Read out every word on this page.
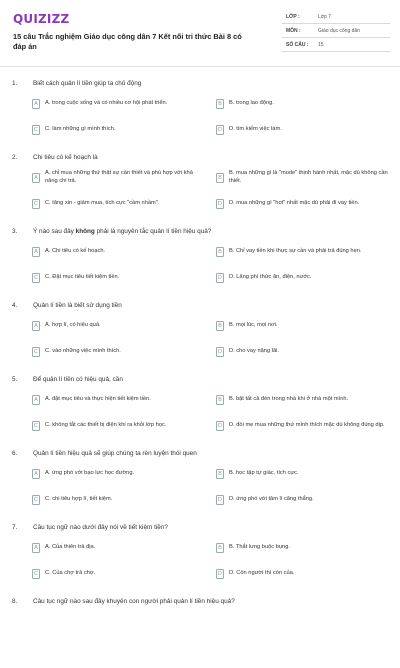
QUIZIZZ
15 câu Trắc nghiệm Giáo dục công dân 7 Kết nối tri thức Bài 8 có đáp án
LỚP :	Lớp 7
MÔN :	Giáo dục công dân
SỐ CÂU :	15
1. Biết cách quản lí tiền giúp ta chủ động
A	A. trong cuộc sống và có nhiều cơ hội phát triển.	B	B. trong lao động.
C	C. làm những gì mình thích.	D	D. tìm kiếm việc làm.
2. Chi tiêu có kế hoạch là
A
A. chỉ mua những thứ thật sự cần thiết và phù hợp với khả năng chi trả.	B
B. mua những gì là "mode" thịnh hành nhất, mặc dù không cần thiết.
C	C. tăng xin - giảm mua, tích cực "cầm nhầm".	D	D. mua những gì "hot" nhất mặc dù phải đi vay tiền.
3. Ý nào sau đây không phải là nguyên tắc quản lí tiền hiệu quả?
A	A. Chi tiêu có kế hoạch.	B	B. Chỉ vay tiền khi thực sự cần và phải trả đúng hẹn.
C	C. Đặt mục tiêu tiết kiệm tiền.	D	D. Lãng phí thức ăn, điện, nước.
4. Quản lí tiền là biết sử dụng tiền
A	A. hợp lí, có hiệu quả.	B	B. mọi lúc, mọi nơi.
C	C. vào những việc mình thích.	D	D. cho vay nặng lãi.
5. Để quản lí tiền có hiệu quả, cần
A	A. đặt mục tiêu và thực hiện tiết kiệm tiền.	B	B. bật tất cả đèn trong nhà khi ở nhà một mình.
C	C. không tắt các thiết bị điện khi ra khỏi lớp học.	D	D. đòi mẹ mua những thứ mình thích mặc dù không đúng dịp.
6. Quản lí tiền hiệu quả sẽ giúp chúng ta rèn luyện thói quen
A	A. ứng phó với bạo lực học đường.	B	B. học tập tự giác, tích cực.
C	C. chi tiêu hợp lí, tiết kiệm.	D	D. ứng phó với tâm lí căng thẳng.
7. Câu tục ngữ nào dưới đây nói về tiết kiệm tiền?
A	A. Của thiên trả địa.	B	B. Thắt lưng buộc bụng.
C	C. Của chợ trả chợ.	D	D. Còn người thì còn của.
8. Câu tục ngữ nào sau đây khuyên con người phải quản lí tiền hiệu quả?
